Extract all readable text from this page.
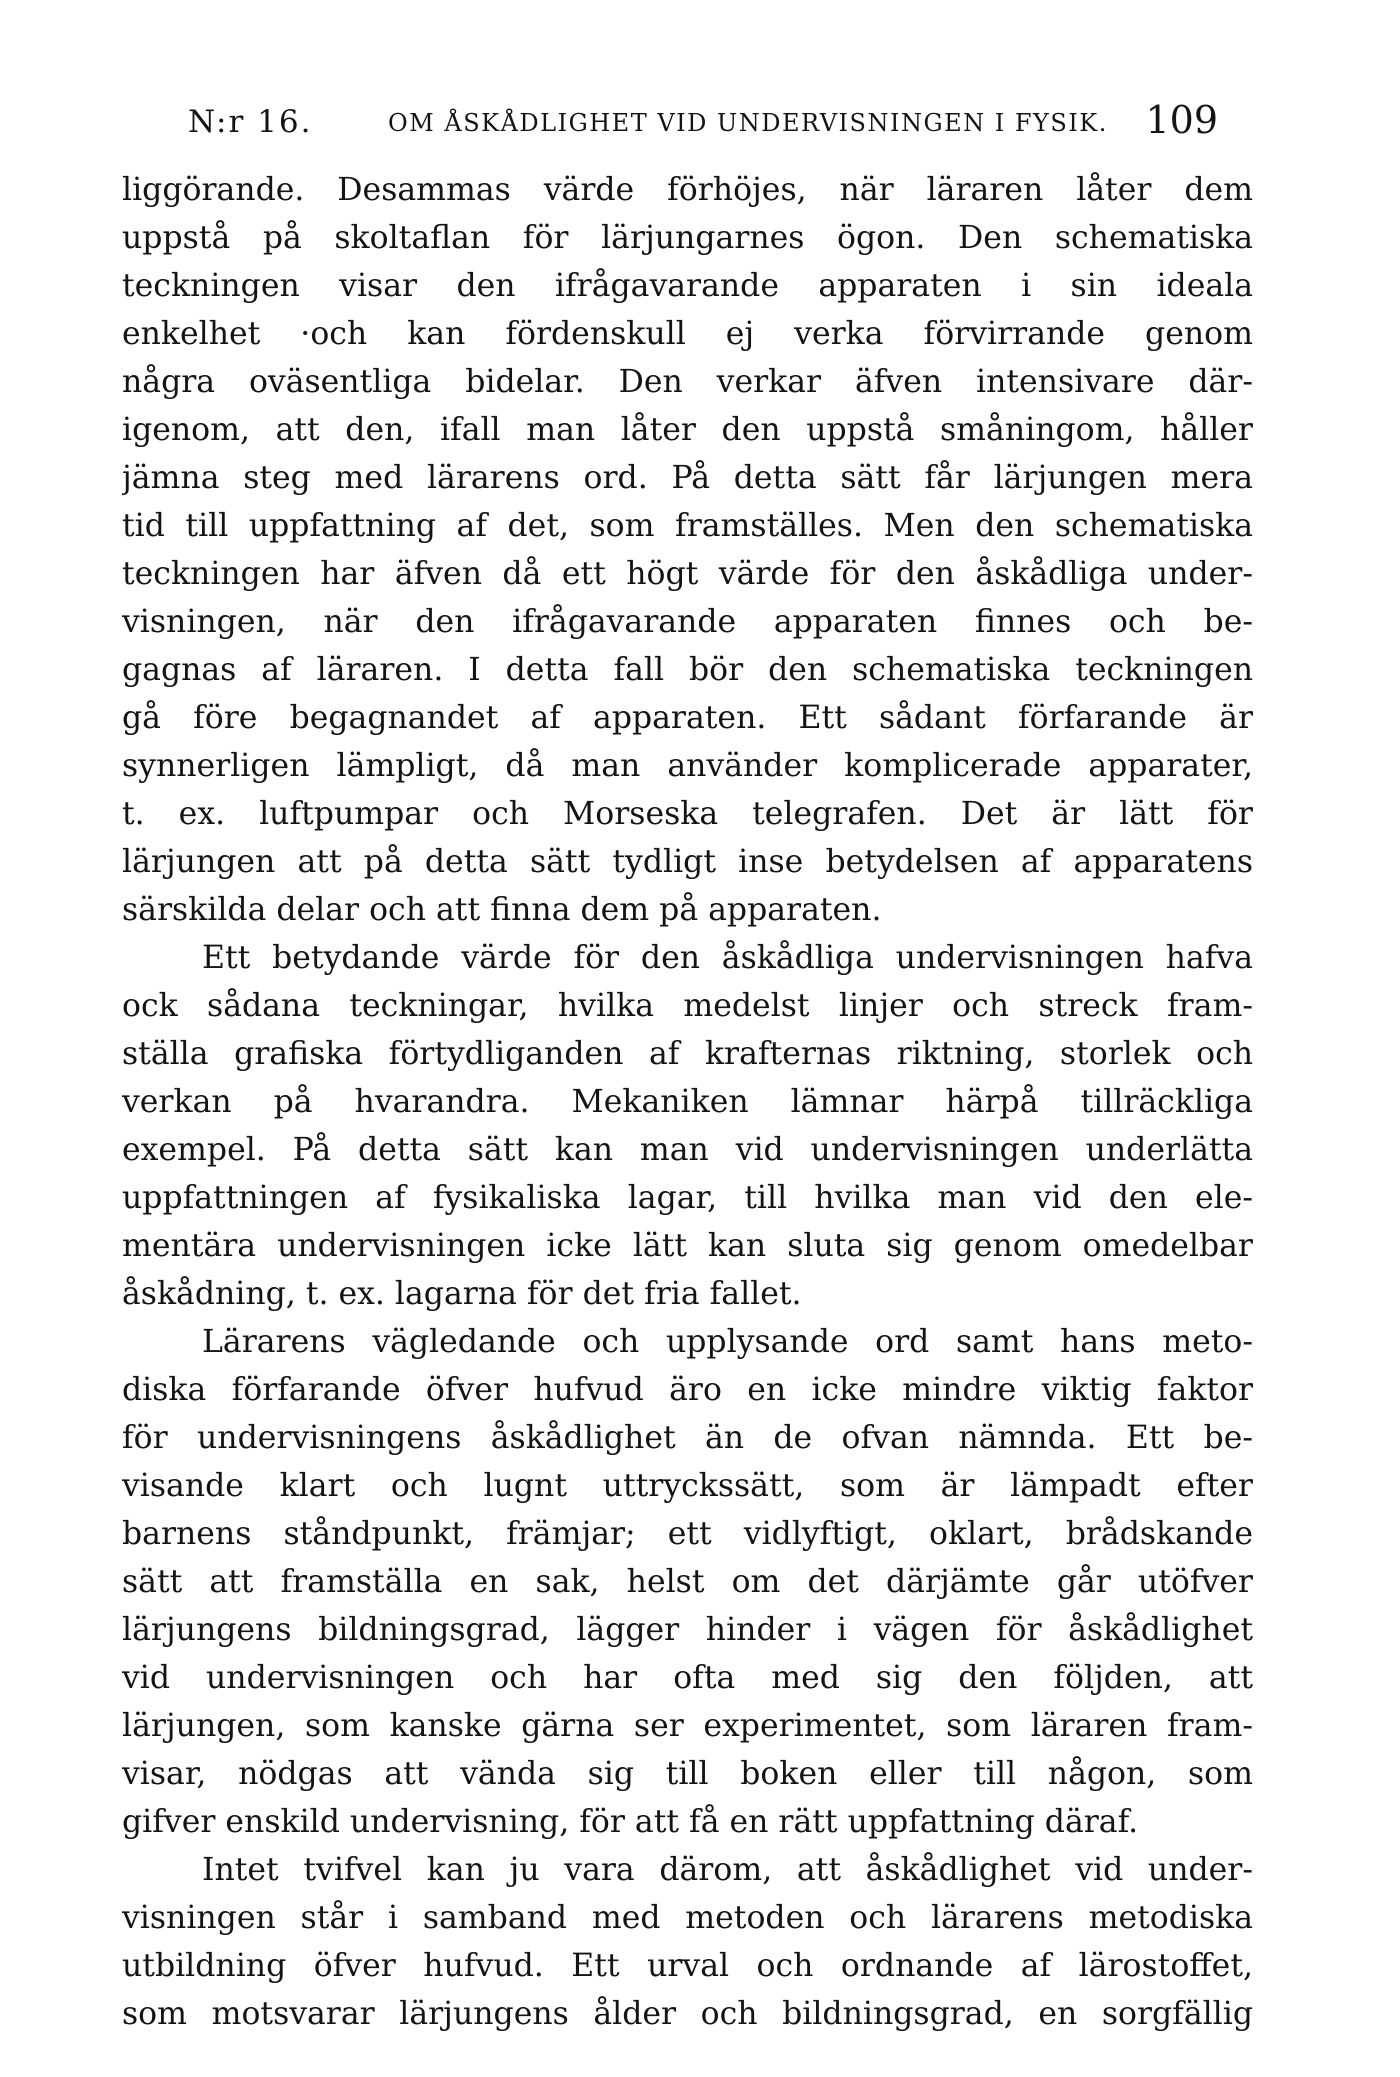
N:r 16.	OM ÅSKÅDLIGHET VID UNDERVISNINGEN I FYSIK. 109
liggörande. Desammas värde förhöjes, när läraren låter dem
uppstå på skoltaflan för lärjungarnes ögon. Den schematiska
teckningen visar den ifrågavarande apparaten i sin ideala
enkelhet ·och kan fördenskull ej verka förvirrande genom
några oväsentliga bidelar. Den verkar äfven intensivare där-
igenom, att den, ifall man låter den uppstå småningom, håller
jämna steg med lärarens ord. På detta sätt får lärjungen mera
tid till uppfattning af det, som framställes. Men den schematiska
teckningen har äfven då ett högt värde för den åskådliga under-
visningen, när den ifrågavarande apparaten finnes och be-
gagnas af läraren. I detta fall bör den schematiska teckningen
gå före begagnandet af apparaten. Ett sådant förfarande är
synnerligen lämpligt, då man använder komplicerade apparater,
t. ex. luftpumpar och Morseska telegrafen. Det är lätt för
lärjungen att på detta sätt tydligt inse betydelsen af apparatens
särskilda delar och att finna dem på apparaten.
Ett betydande värde för den åskådliga undervisningen hafva
ock sådana teckningar, hvilka medelst linjer och streck fram-
ställa grafiska förtydliganden af krafternas riktning, storlek och
verkan på hvarandra. Mekaniken lämnar härpå tillräckliga
exempel. På detta sätt kan man vid undervisningen underlätta
uppfattningen af fysikaliska lagar, till hvilka man vid den ele-
mentära undervisningen icke lätt kan sluta sig genom omedelbar
åskådning, t. ex. lagarna för det fria fallet.
Lärarens vägledande och upplysande ord samt hans meto-
diska förfarande öfver hufvud äro en icke mindre viktig faktor
för undervisningens åskådlighet än de ofvan nämnda. Ett be-
visande klart och lugnt uttryckssätt, som är lämpadt efter
barnens ståndpunkt, främjar; ett vidlyftigt, oklart, brådskande
sätt att framställa en sak, helst om det därjämte går utöfver
lärjungens bildningsgrad, lägger hinder i vägen för åskådlighet
vid undervisningen och har ofta med sig den följden, att
lärjungen, som kanske gärna ser experimentet, som läraren fram-
visar, nödgas att vända sig till boken eller till någon, som
gifver enskild undervisning, för att få en rätt uppfattning däraf.
Intet tvifvel kan ju vara därom, att åskådlighet vid under-
visningen står i samband med metoden och lärarens metodiska
utbildning öfver hufvud. Ett urval och ordnande af lärostoffet,
som motsvarar lärjungens ålder och bildningsgrad, en sorgfällig
